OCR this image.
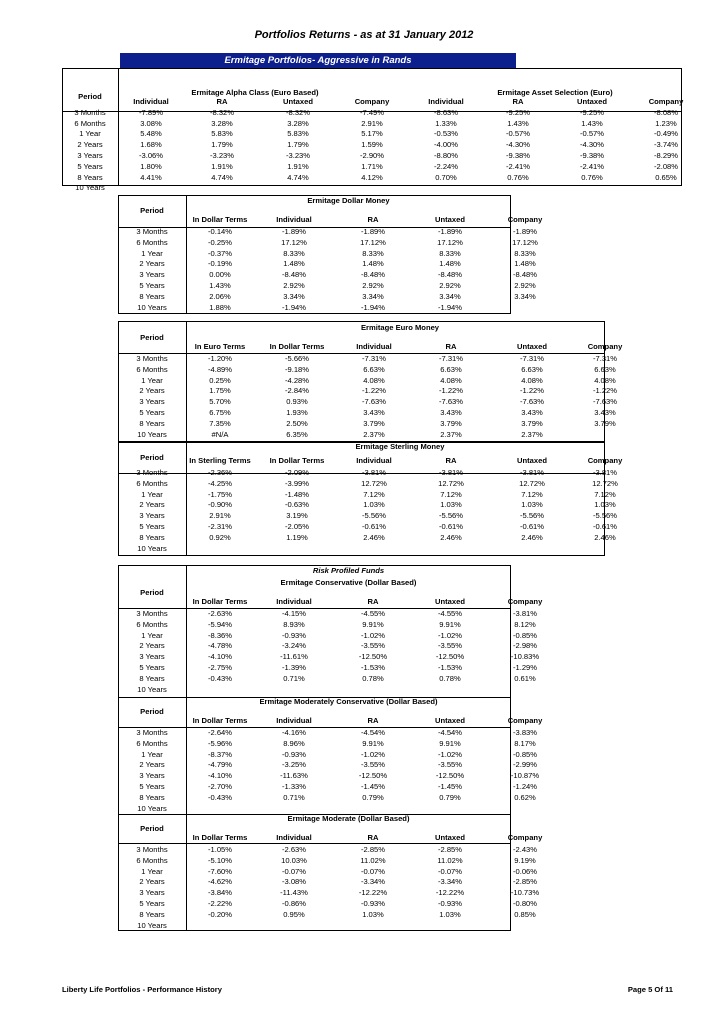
Portfolios Returns - as at 31 January 2012
Ermitage Portfolios- Aggressive in Rands
Period	Ermitage Alpha Class (Euro Based)	Ermitage Asset Selection (Euro)
	Individual	RA	Untaxed	Company	Individual	RA	Untaxed	Company
3 Months	-7.89%	-8.32%	-8.32%	-7.49%	-8.63%	-9.25%	-9.25%	-8.08%
6 Months	3.08%	3.28%	3.28%	2.91%	1.33%	1.43%	1.43%	1.23%
1 Year	5.48%	5.83%	5.83%	5.17%	-0.53%	-0.57%	-0.57%	-0.49%
2 Years	1.68%	1.79%	1.79%	1.59%	-4.00%	-4.30%	-4.30%	-3.74%
3 Years	-3.06%	-3.23%	-3.23%	-2.90%	-8.80%	-9.38%	-9.38%	-8.29%
5 Years	1.80%	1.91%	1.91%	1.71%	-2.24%	-2.41%	-2.41%	-2.08%
8 Years	4.41%	4.74%	4.74%	4.12%	0.70%	0.76%	0.76%	0.65%
10 Years								
Ermitage Dollar Money
Period
	In Dollar Terms	Individual	RA	Untaxed	Company
3 Months	-0.14%	-1.89%	-1.89%	-1.89%	-1.89%
6 Months	-0.25%	17.12%	17.12%	17.12%	17.12%
1 Year	-0.37%	8.33%	8.33%	8.33%	8.33%
2 Years	-0.19%	1.48%	1.48%	1.48%	1.48%
3 Years	0.00%	-8.48%	-8.48%	-8.48%	-8.48%
5 Years	1.43%	2.92%	2.92%	2.92%	2.92%
8 Years	2.06%	3.34%	3.34%	3.34%	3.34%
10 Years	1.88%	-1.94%	-1.94%	-1.94%	
Ermitage Euro Money
Period
	In Euro Terms	In Dollar Terms	Individual	RA	Untaxed	Company
3 Months	-1.20%	-5.66%	-7.31%	-7.31%	-7.31%	-7.31%
6 Months	-4.89%	-9.18%	6.63%	6.63%	6.63%	6.63%
1 Year	0.25%	-4.28%	4.08%	4.08%	4.08%	4.08%
2 Years	1.75%	-2.84%	-1.22%	-1.22%	-1.22%	-1.22%
3 Years	5.70%	0.93%	-7.63%	-7.63%	-7.63%	-7.63%
5 Years	6.75%	1.93%	3.43%	3.43%	3.43%	3.43%
8 Years	7.35%	2.50%	3.79%	3.79%	3.79%	3.79%
10 Years	#N/A	6.35%	2.37%	2.37%	2.37%	
Ermitage Sterling Money
Period
		In Sterling Terms	In Dollar Terms	Individual	RA	Untaxed	Company
3 Months	-2.36%	-2.09%	-3.81%	-3.81%	-3.81%	-3.81%
6 Months	-4.25%	-3.99%	12.72%	12.72%	12.72%	12.72%
1 Year	-1.75%	-1.48%	7.12%	7.12%	7.12%	7.12%
2 Years	-0.90%	-0.63%	1.03%	1.03%	1.03%	1.03%
3 Years	2.91%	3.19%	-5.56%	-5.56%	-5.56%	-5.56%
5 Years	-2.31%	-2.05%	-0.61%	-0.61%	-0.61%	-0.61%
8 Years	0.92%	1.19%	2.46%	2.46%	2.46%	2.46%
10 Years						
Risk Profiled Funds
Ermitage Conservative (Dollar Based)
Period
	In Dollar Terms	Individual	RA	Untaxed	Company
3 Months	-2.63%	-4.15%	-4.55%	-4.55%	-3.81%
6 Months	-5.94%	8.93%	9.91%	9.91%	8.12%
1 Year	-8.36%	-0.93%	-1.02%	-1.02%	-0.85%
2 Years	-4.78%	-3.24%	-3.55%	-3.55%	-2.98%
3 Years	-4.10%	-11.61%	-12.50%	-12.50%	-10.83%
5 Years	-2.75%	-1.39%	-1.53%	-1.53%	-1.29%
8 Years	-0.43%	0.71%	0.78%	0.78%	0.61%
10 Years					
Ermitage Moderately Conservative (Dollar Based)
Period
	In Dollar Terms	Individual	RA	Untaxed	Company
3 Months	-2.64%	-4.16%	-4.54%	-4.54%	-3.83%
6 Months	-5.96%	8.96%	9.91%	9.91%	8.17%
1 Year	-8.37%	-0.93%	-1.02%	-1.02%	-0.85%
2 Years	-4.79%	-3.25%	-3.55%	-3.55%	-2.99%
3 Years	-4.10%	-11.63%	-12.50%	-12.50%	-10.87%
5 Years	-2.70%	-1.33%	-1.45%	-1.45%	-1.24%
8 Years	-0.43%	0.71%	0.79%	0.79%	0.62%
10 Years					
Ermitage Moderate (Dollar Based)
Period
	In Dollar Terms	Individual	RA	Untaxed	Company
3 Months	-1.05%	-2.63%	-2.85%	-2.85%	-2.43%
6 Months	-5.10%	10.03%	11.02%	11.02%	9.19%
1 Year	-7.60%	-0.07%	-0.07%	-0.07%	-0.06%
2 Years	-4.62%	-3.08%	-3.34%	-3.34%	-2.85%
3 Years	-3.84%	-11.43%	-12.22%	-12.22%	-10.73%
5 Years	-2.22%	-0.86%	-0.93%	-0.93%	-0.80%
8 Years	-0.20%	0.95%	1.03%	1.03%	0.85%
10 Years					
Liberty Life Portfolios - Performance History	Page 5 Of 11
